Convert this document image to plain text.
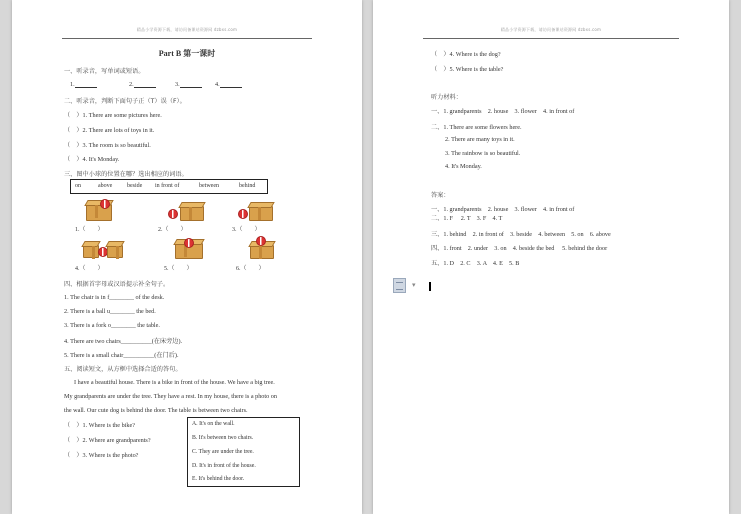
精品小学资源下载，请访问备课站资源网 dzbxs.com
Part B 第一课时
一、听录音，写单词或短语。
1.	2.	3.	4.
二、听录音，判断下面句子正（T）误（F）。
（　）1. There are some pictures here.
（　）2. There are lots of toys in it.
（　）3. The room is so beautiful.
（　）4. It's Monday.
三、图中小球的位置在哪？选出相应的词语。
on	above beside in front of	between	behind
1.（　　）	2.（　　）	3.（　　）
4.（　　）	5.（　　）	6.（　　）
四、根据首字母或汉语提示补全句子。
1. The chair is in f________ of the desk.
2. There is a ball u________ the bed.
3. There is a fork o________ the table.
4. There are two chairs__________(在床旁边).
5. There is a small chair__________(在门后).
五、阅读短文，从方框中选择合适的答句。
I have a beautiful house. There is a bike in front of the house. We have a big tree.
My grandparents are under the tree. They have a rest. In my house, there is a photo on
the wall. Our cute dog is behind the door. The table is between two chairs.
（　）1. Where is the bike?
（　）2. Where are grandparents?
（　）3. Where is the photo?
A. It's on the wall.
B. It's between two chairs.
C. They are under the tree.
D. It's in front of the house.
E. It's behind the door.
精品小学资源下载，请访问备课站资源网 dzbxs.com
（　）4. Where is the dog?
（　）5. Where is the table?
听力材料：
一、1. grandparents　2. house　3. flower　4. in front of
二、1. There are some flowers here.
2. There are many toys in it.
3. The rainbow is so beautiful.
4. It's Monday.
答案：
一、1. grandparents　2. house　3. flower　4. in front of
二、1. F　 2. T　3. F　4. T
三、1. behind　2. in front of　3. beside　4. between　5. on　6. above
四、1. front　2. under　3. on　4. beside the bed　 5. behind the door
五、1. D　2. C　3. A　4. E　5. B
▾
